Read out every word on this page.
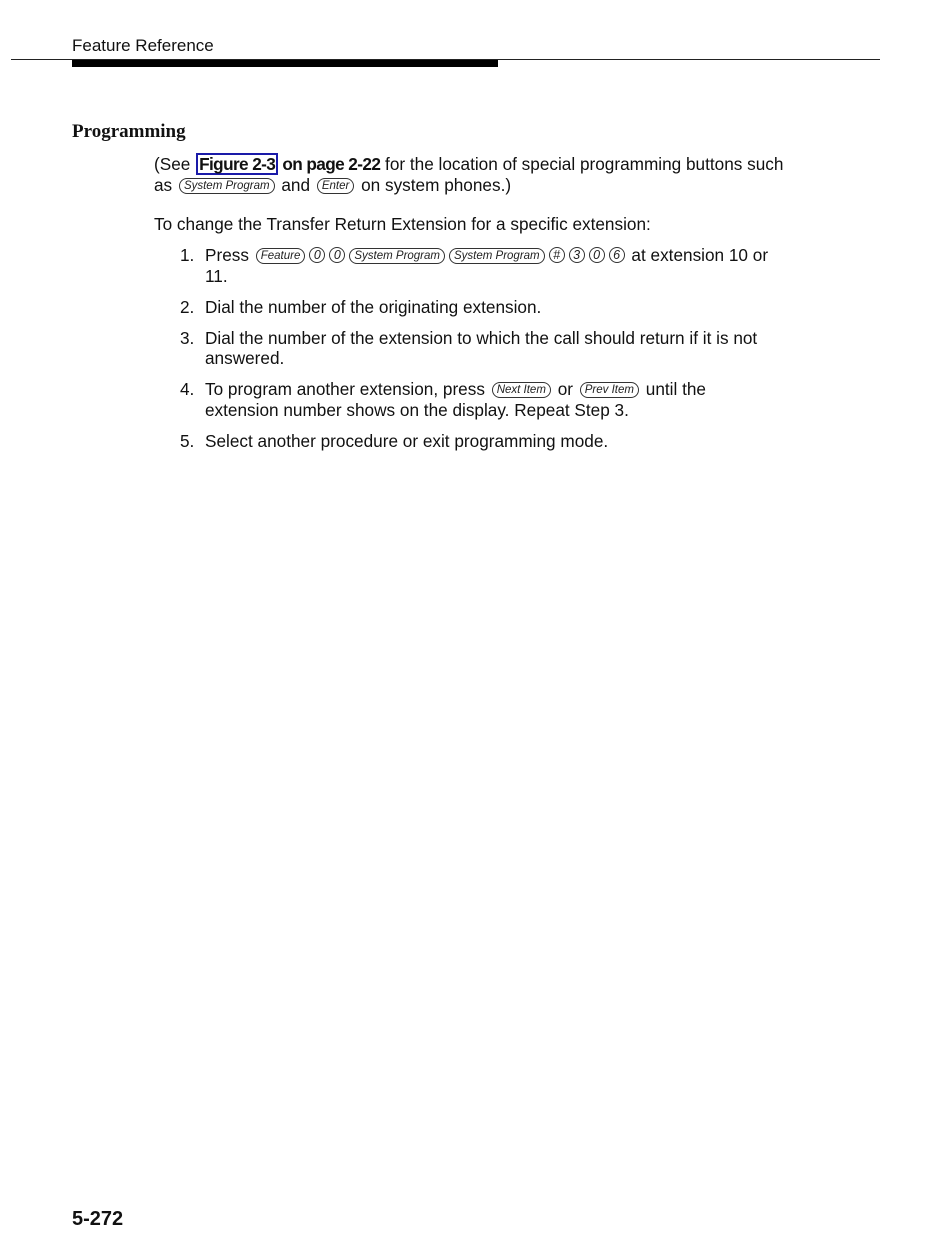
Feature Reference
Programming
(See Figure 2-3 on page 2-22 for the location of special programming buttons such as System Program and Enter on system phones.)
To change the Transfer Return Extension for a specific extension:
1. Press Feature 0 0 System Program System Program # 3 0 6 at extension 10 or 11.
2. Dial the number of the originating extension.
3. Dial the number of the extension to which the call should return if it is not answered.
4. To program another extension, press Next Item or Prev Item until the extension number shows on the display. Repeat Step 3.
5. Select another procedure or exit programming mode.
5-272
